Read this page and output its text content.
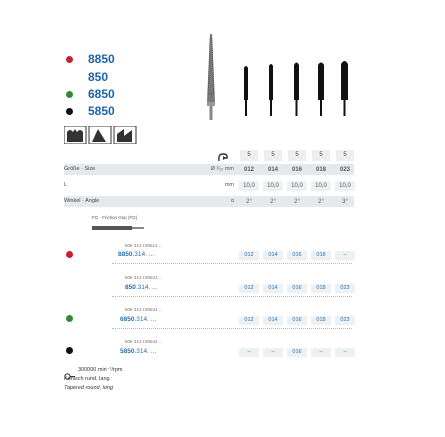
8850
850
6850
5850
5	5	5	5	5
Größe · Size	Ø ¹⁄₁₀ mm	012	014	016	018	023
L	mm	10,0	10,0	10,0	10,0	10,0
Winkel · Angle	α	2°	2°	2°	2°	3°
FG · Friction Grip (FG)
806 314 199514 ...
8850.314. ...	012	014	016	018	–
806 314 199524 ...
850.314. ...	012	014	016	018	023
806 314 199534 ...
6850.314. ...	012	014	016	018	023
806 314 199544 ...
5850.314. ...	–	–	016	–	–
300000 min⁻¹/rpm
Konisch rund, lang
Tapered round, long
